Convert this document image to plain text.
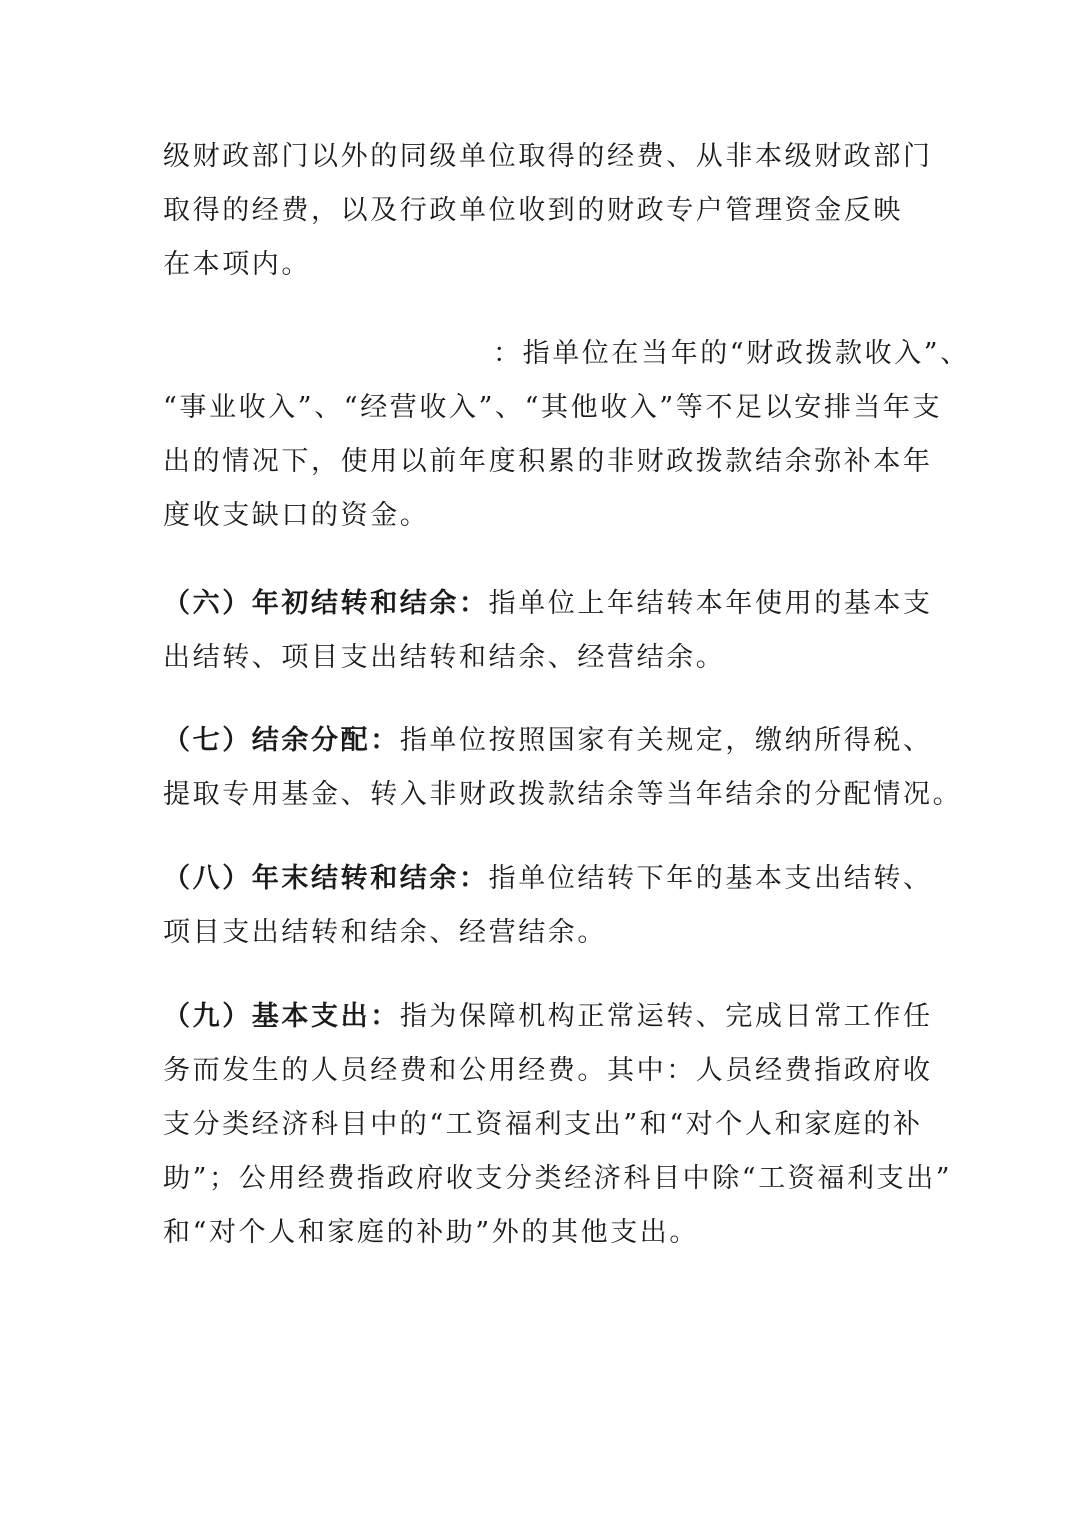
级财政部门以外的同级单位取得的经费、从非本级财政部门
取得的经费，以及行政单位收到的财政专户管理资金反映
在本项内。
：指单位在当年的“财政拨款收入”、
“事业收入”、“经营收入”、“其他收入”等不足以安排当年支
出的情况下，使用以前年度积累的非财政拨款结余弥补本年
度收支缺口的资金。
（六）年初结转和结余：指单位上年结转本年使用的基本支
出结转、项目支出结转和结余、经营结余。
（七）结余分配：指单位按照国家有关规定，缴纳所得税、
提取专用基金、转入非财政拨款结余等当年结余的分配情况。
（八）年末结转和结余：指单位结转下年的基本支出结转、
项目支出结转和结余、经营结余。
（九）基本支出：指为保障机构正常运转、完成日常工作任
务而发生的人员经费和公用经费。其中：人员经费指政府收
支分类经济科目中的“工资福利支出”和“对个人和家庭的补
助”；公用经费指政府收支分类经济科目中除“工资福利支出”
和“对个人和家庭的补助”外的其他支出。
